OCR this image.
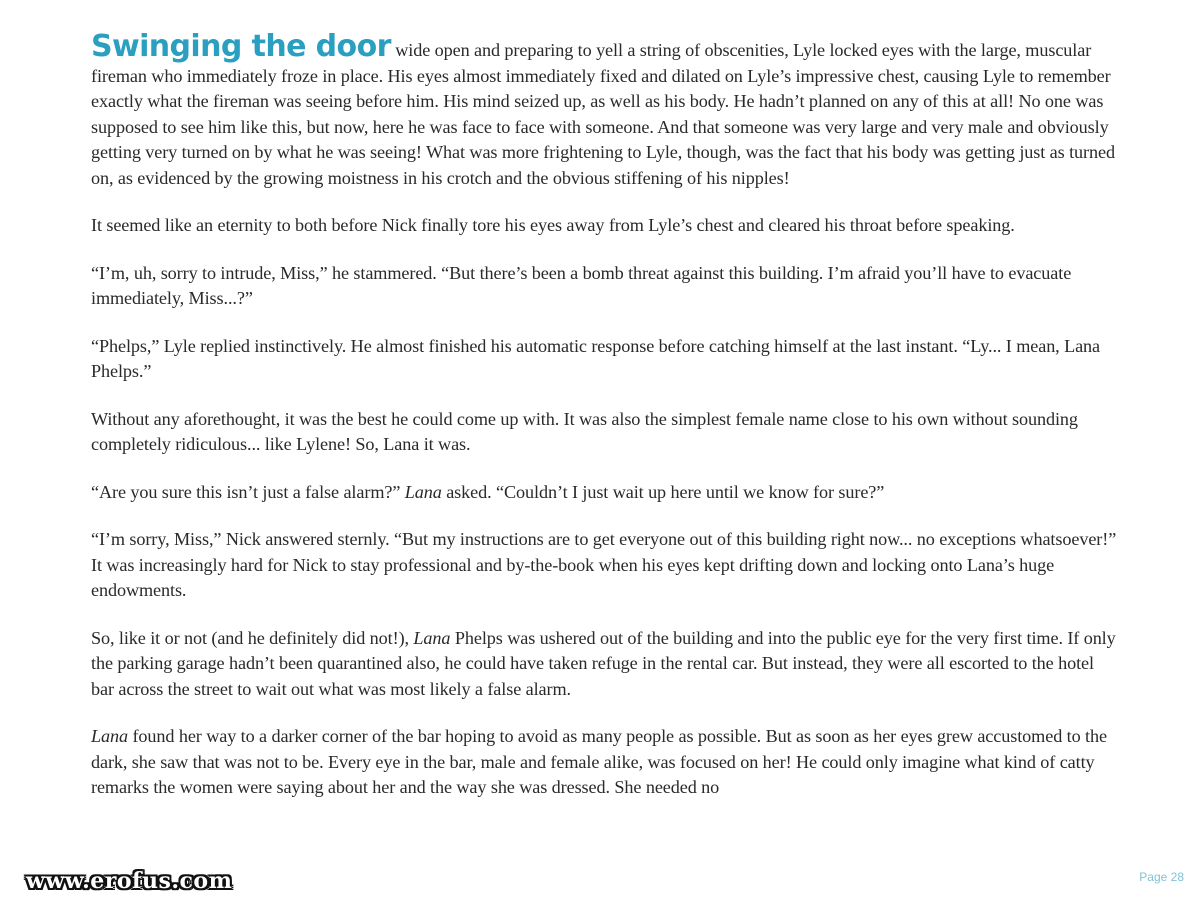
Swinging the door wide open and preparing to yell a string of obscenities, Lyle locked eyes with the large, muscular fireman who immediately froze in place. His eyes almost immediately fixed and dilated on Lyle’s impressive chest, causing Lyle to remember exactly what the fireman was seeing before him. His mind seized up, as well as his body. He hadn’t planned on any of this at all! No one was supposed to see him like this, but now, here he was face to face with someone. And that someone was very large and very male and obviously getting very turned on by what he was seeing! What was more frightening to Lyle, though, was the fact that his body was getting just as turned on, as evidenced by the growing moistness in his crotch and the obvious stiffening of his nipples!

It seemed like an eternity to both before Nick finally tore his eyes away from Lyle’s chest and cleared his throat before speaking.

“I’m, uh, sorry to intrude, Miss,” he stammered. “But there’s been a bomb threat against this building. I’m afraid you’ll have to evacuate immediately, Miss...?”

“Phelps,” Lyle replied instinctively. He almost finished his automatic response before catching himself at the last instant. “Ly... I mean, Lana Phelps.”

Without any aforethought, it was the best he could come up with. It was also the simplest female name close to his own without sounding completely ridiculous... like Lylene! So, Lana it was.

“Are you sure this isn’t just a false alarm?” Lana asked. “Couldn’t I just wait up here until we know for sure?”

“I’m sorry, Miss,” Nick answered sternly. “But my instructions are to get everyone out of this building right now... no exceptions whatsoever!” It was increasingly hard for Nick to stay professional and by-the-book when his eyes kept drifting down and locking onto Lana’s huge endowments.

So, like it or not (and he definitely did not!), Lana Phelps was ushered out of the building and into the public eye for the very first time. If only the parking garage hadn’t been quarantined also, he could have taken refuge in the rental car. But instead, they were all escorted to the hotel bar across the street to wait out what was most likely a false alarm.

Lana found her way to a darker corner of the bar hoping to avoid as many people as possible. But as soon as her eyes grew accustomed to the dark, she saw that was not to be. Every eye in the bar, male and female alike, was focused on her! He could only imagine what kind of catty remarks the women were saying about her and the way she was dressed. She needed no

www.erofus.com	Page 28
